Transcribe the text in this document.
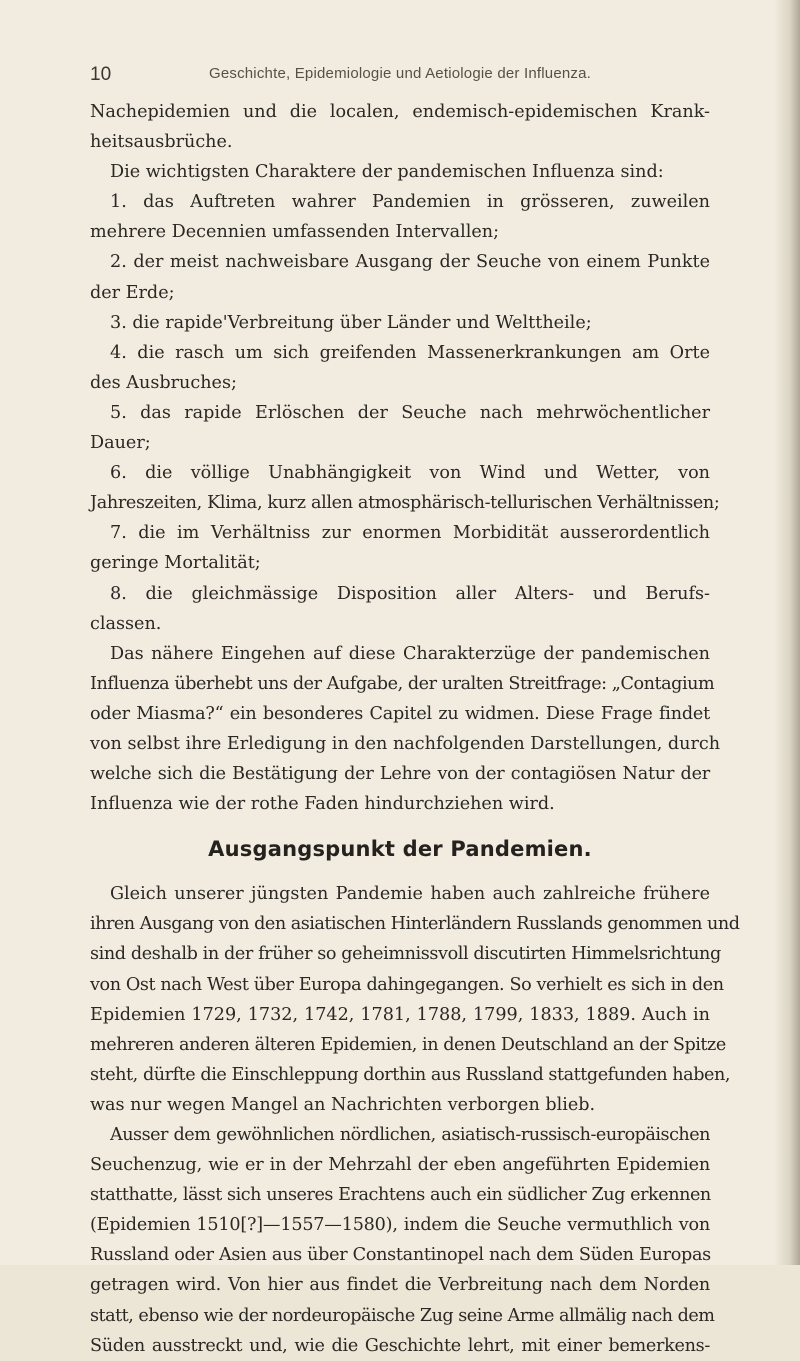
10	Geschichte, Epidemiologie und Aetiologie der Influenza.
Nachepidemien und die localen, endemisch-epidemischen Krank-
heitsausbrüche.
Die wichtigsten Charaktere der pandemischen Influenza sind:
1. das Auftreten wahrer Pandemien in grösseren, zuweilen
mehrere Decennien umfassenden Intervallen;
2. der meist nachweisbare Ausgang der Seuche von einem Punkte
der Erde;
3. die rapide'Verbreitung über Länder und Welttheile;
4. die rasch um sich greifenden Massenerkrankungen am Orte
des Ausbruches;
5. das rapide Erlöschen der Seuche nach mehrwöchentlicher
Dauer;
6. die völlige Unabhängigkeit von Wind und Wetter, von
Jahreszeiten, Klima, kurz allen atmosphärisch-tellurischen Verhältnissen;
7. die im Verhältniss zur enormen Morbidität ausserordentlich
geringe Mortalität;
8. die gleichmässige Disposition aller Alters- und Berufs-
classen.
Das nähere Eingehen auf diese Charakterzüge der pandemischen
Influenza überhebt uns der Aufgabe, der uralten Streitfrage: „Contagium
oder Miasma?“ ein besonderes Capitel zu widmen. Diese Frage findet
von selbst ihre Erledigung in den nachfolgenden Darstellungen, durch
welche sich die Bestätigung der Lehre von der contagiösen Natur der
Influenza wie der rothe Faden hindurchziehen wird.
Ausgangspunkt der Pandemien.
Gleich unserer jüngsten Pandemie haben auch zahlreiche frühere
ihren Ausgang von den asiatischen Hinterländern Russlands genommen und
sind deshalb in der früher so geheimnissvoll discutirten Himmelsrichtung
von Ost nach West über Europa dahingegangen. So verhielt es sich in den
Epidemien 1729, 1732, 1742, 1781, 1788, 1799, 1833, 1889. Auch in
mehreren anderen älteren Epidemien, in denen Deutschland an der Spitze
steht, dürfte die Einschleppung dorthin aus Russland stattgefunden haben,
was nur wegen Mangel an Nachrichten verborgen blieb.
Ausser dem gewöhnlichen nördlichen, asiatisch-russisch-europäischen
Seuchenzug, wie er in der Mehrzahl der eben angeführten Epidemien
statthatte, lässt sich unseres Erachtens auch ein südlicher Zug erkennen
(Epidemien 1510[?]—1557—1580), indem die Seuche vermuthlich von
Russland oder Asien aus über Constantinopel nach dem Süden Europas
getragen wird. Von hier aus findet die Verbreitung nach dem Norden
statt, ebenso wie der nordeuropäische Zug seine Arme allmälig nach dem
Süden ausstreckt und, wie die Geschichte lehrt, mit einer bemerkens-
